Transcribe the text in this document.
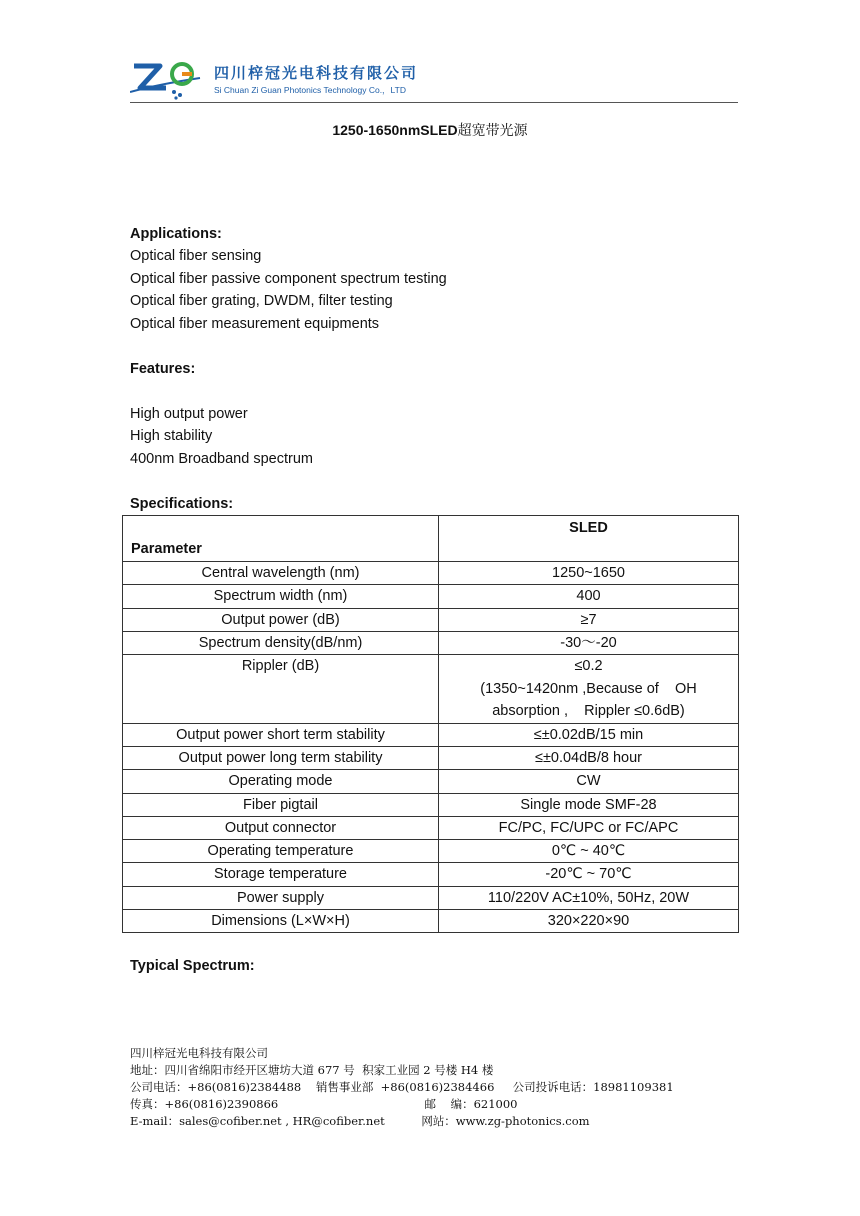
四川梓冠光电科技有限公司
Si Chuan Zi Guan Photonics Technology Co.，LTD
1250-1650nmSLED超宽带光源
Applications:
Optical fiber sensing
Optical fiber passive component spectrum testing
Optical fiber grating, DWDM, filter testing
Optical fiber measurement equipments
Features:
High output power
High stability
400nm Broadband spectrum
Specifications:
Parameter	SLED
Central wavelength (nm)	1250~1650
Spectrum width (nm)	400
Output power (dB)	≥7
Spectrum density(dB/nm)	-30～-20
Rippler (dB)	≤0.2
(1350~1420nm ,Because of    OH
absorption ,    Rippler ≤0.6dB)

Output power short term stability	≤±0.02dB/15 min
Output power long term stability	≤±0.04dB/8 hour
Operating mode	CW
Fiber pigtail	Single mode SMF-28
Output connector	FC/PC, FC/UPC or FC/APC
Operating temperature	0℃ ~ 40℃
Storage temperature	-20℃ ~ 70℃
Power supply	110/220V AC±10%, 50Hz, 20W
Dimensions (L×W×H)	320×220×90
Typical Spectrum:
四川梓冠光电科技有限公司
地址：四川省绵阳市经开区塘坊大道 677 号  积家工业园 2 号楼 H4 楼
公司电话：+86(0816)2384488    销售事业部  +86(0816)2384466     公司投诉电话：18981109381
传真：+86(0816)2390866                                        邮    编：621000
E-mail：sales@cofiber.net , HR@cofiber.net          网站：www.zg-photonics.com
